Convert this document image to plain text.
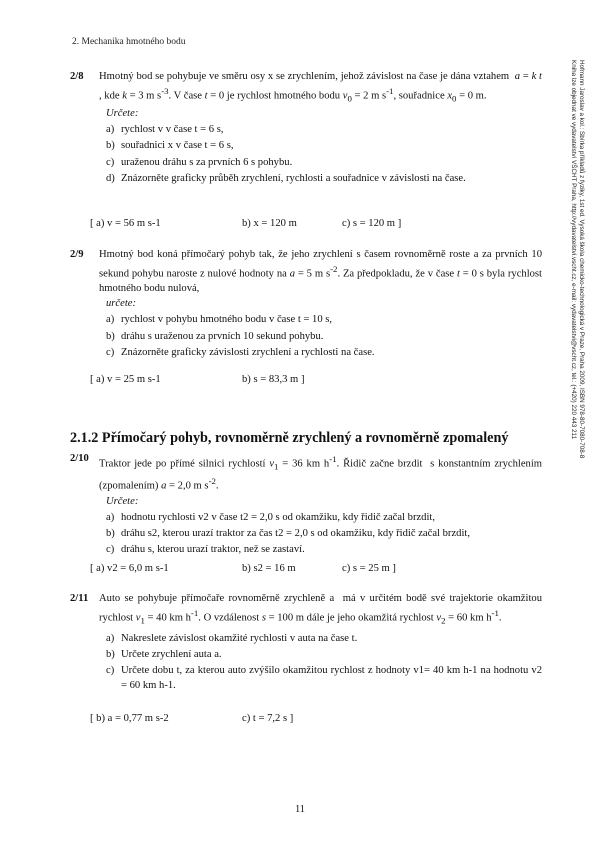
2. Mechanika hmotného bodu
Hofmann Jaroslav a kol.: Sbírka příkladů z fyziky, 1st ed. Vysoká škola chemicko-technologická v Praze, Praha 2009, ISBN 978-80-7080-708-8
Kniha lze objednat ve vydavatelství VŠCHT Praha, http://vydavatelstvi.vscht.cz, e-mail: vydavatelstvi@vscht.cz, tel.: (+420) 220 443 211
2/8 Hmotný bod se pohybuje ve směru osy x se zrychlením, jehož závislost na čase je dána vztahem  a = k t , kde k = 3 m $s^{-3}$. V čase t = 0 je rychlost hmotného bodu $v_0 = 2$ m $s^{-1}$, souřadnice $x_0 = 0$ m.
Určete:
a) rychlost v v čase t = 6 s,
b) souřadnici x v čase t = 6 s,
c) uraženou dráhu s za prvních 6 s pohybu.
d) Znázorněte graficky průběh zrychlení, rychlosti a souřadnice v závislosti na čase.
[ a) v = 56 m s-1	b) x = 120 m	c) s = 120 m ]
2/9 Hmotný bod koná přímočarý pohyb tak, že jeho zrychlení s časem rovnoměrně roste a za prvních 10 sekund pohybu naroste z nulové hodnoty na a = 5 m $s^{-2}$. Za předpokladu, že v čase t = 0 s byla rychlost hmotného bodu nulová,
určete:
a) rychlost v pohybu hmotného bodu v čase t = 10 s,
b) dráhu s uraženou za prvních 10 sekund pohybu.
c) Znázorněte graficky závislosti zrychlení a rychlosti na čase.
[ a) v = 25 m s-1	b) s = 83,3 m ]
2.1.2 Přímočarý pohyb, rovnoměrně zrychlený a rovnoměrně zpomalený
2/10
Traktor jede po přímé silnici rychlostí $v_1 = 36$ km $h^{-1}$. Řidič začne brzdit  s konstantním zrychlením (zpomalením) a = 2,0 m $s^{-2}$.
Určete:
a) hodnotu rychlosti v2 v čase t2 = 2,0 s od okamžiku, kdy řidič začal brzdit,
b) dráhu s2, kterou urazí traktor za čas t2 = 2,0 s od okamžiku, kdy řidič začal brzdit,
c) dráhu s, kterou urazí traktor, než se zastaví.
[ a) v2 = 6,0 m s-1	b) s2 = 16 m	c) s = 25 m ]
2/11 Auto se pohybuje přímočaře rovnoměrně zrychleně a  má v určitém bodě své trajektorie okamžitou rychlost $v_1 = 40$ km $h^{-1}$. O vzdálenost s = 100 m dále je jeho okamžitá rychlost $v_2 = 60$ km $h^{-1}$.
a) Nakreslete závislost okamžité rychlosti v auta na čase t.
b) Určete zrychlení auta a.
c) Určete dobu t, za kterou auto zvýšilo okamžitou rychlost z hodnoty v1= 40 km h-1 na hodnotu v2 = 60 km h-1.
[ b) a = 0,77 m s-2	c) t = 7,2 s ]
11
